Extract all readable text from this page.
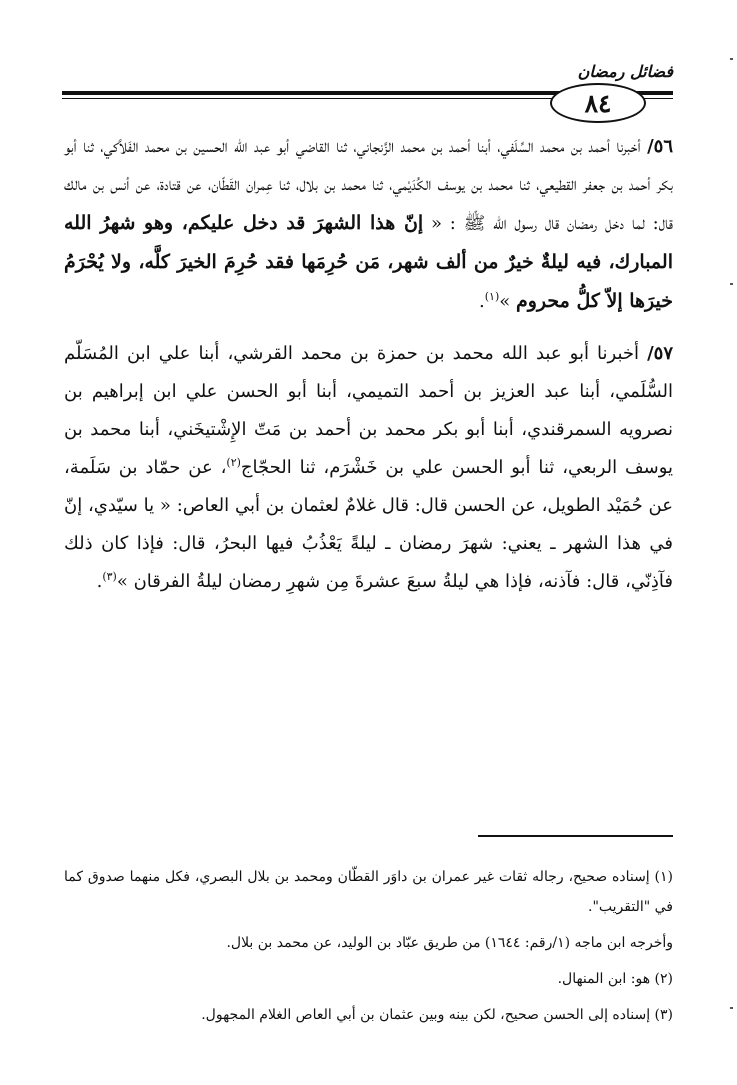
فضائل رمضان
٨٤

٥٦/ أخبرنا أحمد بن محمد السِّلَفي، أبنا أحمد بن محمد الزَّنجاني، ثنا القاضي أبو عبد الله الحسين بن محمد الفَلاَّكي، ثنا أبو بكر أحمد بن جعفر القطيعي، ثنا محمد بن يوسف الكُدَيْمي، ثنا محمد بن بلال، ثنا عِمران القَطّان، عن قتادة، عن أنس بن مالك قال: لما دخل رمضان قال رسول الله ﷺ : « إنّ هذا الشهرَ قد دخل عليكم، وهو شهرُ الله المبارك، فيه ليلةٌ خيرٌ من ألف شهر، مَن حُرِمَها فقد حُرِمَ الخيرَ كلَّه، ولا يُحْرَمُ خيرَها إلاّ كلُّ محروم »$^{(١)}$.

٥٧/ أخبرنا أبو عبد الله محمد بن حمزة بن محمد القرشي، أبنا علي ابن المُسَلّم السُّلَمي، أبنا عبد العزيز بن أحمد التميمي، أبنا أبو الحسن علي ابن إبراهيم بن نصرويه السمرقندي، أبنا أبو بكر محمد بن أحمد بن مَتّ الإِشْتيخَني، أبنا محمد بن يوسف الربعي، ثنا أبو الحسن علي بن خَشْرَم، ثنا الحجّاج$^{(٢)}$، عن حمّاد بن سَلَمة، عن حُمَيْد الطويل، عن الحسن قال: قال غلامٌ لعثمان بن أبي العاص: « يا سيّدي، إنّ في هذا الشهر ـ يعني: شهرَ رمضان ـ ليلةً يَعْذُبُ فيها البحرُ، قال: فإذا كان ذلك فآذِنّي، قال: فآذنه، فإذا هي ليلةُ سبعَ عشرةَ مِن شهرِ رمضان ليلةُ الفرقان »$^{(٣)}$.

(١) إسناده صحيح، رجاله ثقات غير عمران بن داوَر القطّان ومحمد بن بلال البصري، فكل منهما صدوق كما في "التقريب".

وأخرجه ابن ماجه (١/رقم: ١٦٤٤) من طريق عبّاد بن الوليد، عن محمد بن بلال.

(٢) هو: ابن المنهال.

(٣) إسناده إلى الحسن صحيح، لكن بينه وبين عثمان بن أبي العاص الغلام المجهول.
